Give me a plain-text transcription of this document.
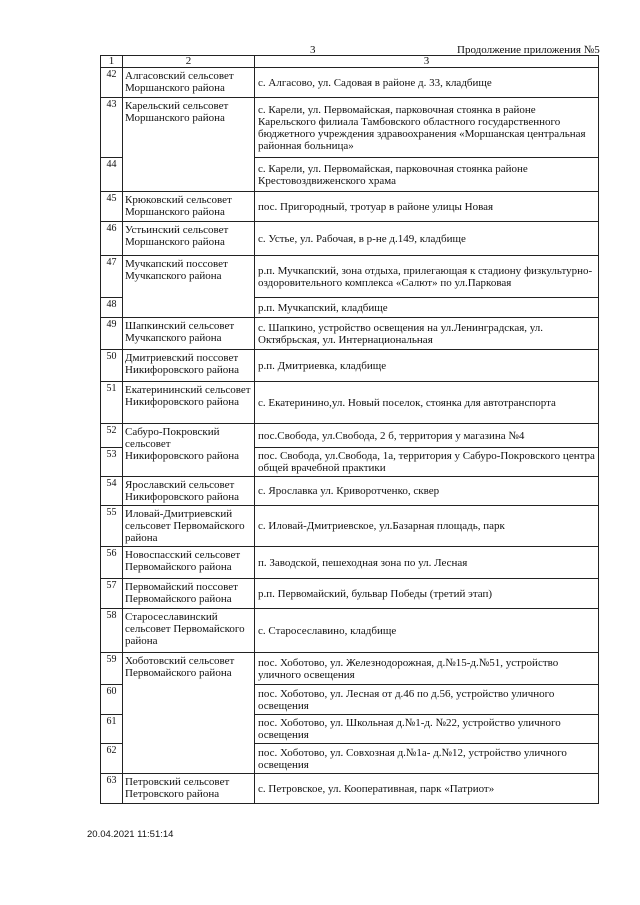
3	Продолжение приложения №5
1	2	3
42	Алгасовский сельсовет Моршанского района	с. Алгасово, ул. Садовая в районе д. 33, кладбище
43	Карельский сельсовет Моршанского района	с. Карели, ул. Первомайская, парковочная стоянка в районе Карельского филиала Тамбовского областного государственного бюджетного учреждения здравоохранения «Моршанская центральная районная больница»
44		с. Карели, ул. Первомайская, парковочная стоянка районе Крестовоздвиженского храма
45	Крюковский сельсовет Моршанского района	пос. Пригородный, тротуар в районе улицы Новая
46	Устьинский сельсовет Моршанского района	с. Устье, ул. Рабочая, в р-не д.149, кладбище
47	Мучкапский поссовет Мучкапского района	р.п. Мучкапский, зона отдыха, прилегающая к стадиону физкультурно-оздоровительного комплекса «Салют» по ул.Парковая
48		р.п. Мучкапский, кладбище
49	Шапкинский сельсовет Мучкапского района	с. Шапкино, устройство освещения на ул.Ленинградская, ул. Октябрьская, ул. Интернациональная
50	Дмитриевский поссовет Никифоровского района	р.п. Дмитриевка, кладбище
51	Екатерининский сельсовет Никифоровского района	с. Екатеринино,ул. Новый поселок, стоянка для автотранспорта
52	Сабуро-Покровский сельсовет Никифоровского района	пос.Свобода, ул.Свобода, 2 б, территория у магазина №4
53		пос. Свобода, ул.Свобода, 1а, территория у Сабуро-Покровского центра общей врачебной практики
54	Ярославский сельсовет Никифоровского района	с. Ярославка ул. Криворотченко, сквер
55	Иловай-Дмитриевский сельсовет Первомайского района	с. Иловай-Дмитриевское, ул.Базарная площадь, парк
56	Новоспасский сельсовет Первомайского района	п. Заводской, пешеходная зона по ул. Лесная
57	Первомайский поссовет Первомайского района	р.п. Первомайский, бульвар Победы (третий этап)
58	Старосеславинский сельсовет Первомайского района	с. Старосеславино, кладбище
59	Хоботовский сельсовет Первомайского района	пос. Хоботово, ул. Железнодорожная, д.№15-д.№51, устройство уличного освещения
60		пос. Хоботово, ул. Лесная от д.46 по д.56, устройство уличного освещения
61		пос. Хоботово, ул. Школьная д.№1-д. №22, устройство уличного освещения
62		пос. Хоботово, ул. Совхозная д.№1а- д.№12, устройство уличного освещения
63	Петровский сельсовет Петровского района	с. Петровское, ул. Кооперативная, парк «Патриот»
20.04.2021 11:51:14
